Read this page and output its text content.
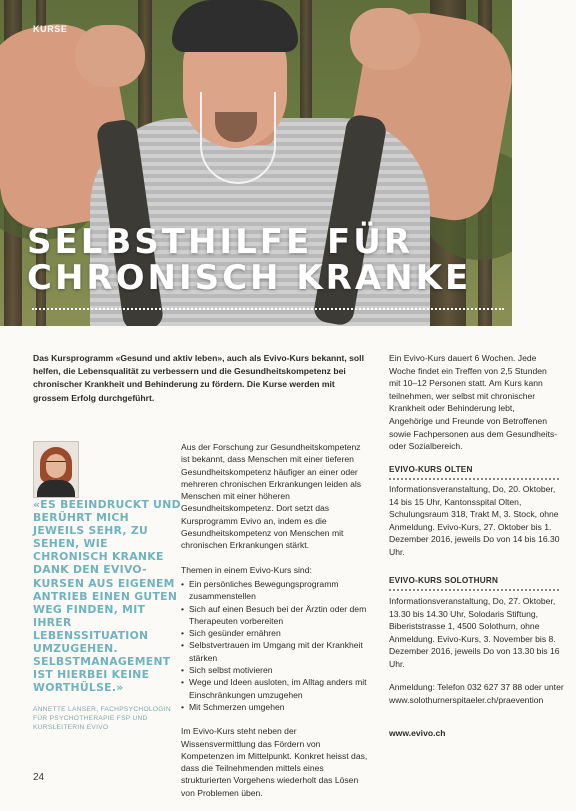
KURSE
SELBSTHILFE FÜR
CHRONISCH KRANKE
Das Kursprogramm «Gesund und aktiv leben», auch als Evivo-Kurs bekannt, soll helfen, die Lebensqualität zu verbessern und die Gesundheitskompetenz bei chronischer Krankheit und Behinderung zu fördern. Die Kurse werden mit grossem Erfolg durchgeführt.
Ein Evivo-Kurs dauert 6 Wochen. Jede Woche findet ein Treffen von 2,5 Stunden mit 10–12 Personen statt. Am Kurs kann teilnehmen, wer selbst mit chronischer Krankheit oder Behinderung lebt, Angehörige und Freunde von Betroffenen sowie Fachpersonen aus dem Gesundheits- oder Sozialbereich.
«ES BEEINDRUCKT UND BERÜHRT MICH JEWEILS SEHR, ZU SEHEN, WIE CHRONISCH KRANKE DANK DEN EVIVO-KURSEN AUS EIGENEM ANTRIEB EINEN GUTEN WEG FINDEN, MIT IHRER LEBENSSITUATION UMZUGEHEN. SELBSTMANAGEMENT IST HIERBEI KEINE WORTHÜLSE.»
ANNETTE LANSER, FACHPSYCHOLOGIN FÜR PSYCHOTHERAPIE FSP UND KURSLEITERIN EVIVO

Aus der Forschung zur Gesundheitskompetenz ist bekannt, dass Menschen mit einer tieferen Gesundheitskompetenz häufiger an einer oder mehreren chronischen Erkrankungen leiden als Menschen mit einer höheren Gesundheitskompetenz. Dort setzt das Kursprogramm Evivo an, indem es die Gesundheitskompetenz von Menschen mit chronischen Erkrankungen stärkt.

Themen in einem Evivo-Kurs sind:

• Ein persönliches Bewegungsprogramm zusammenstellen
• Sich auf einen Besuch bei der Ärztin oder dem Therapeuten vorbereiten
• Sich gesünder ernähren
• Selbstvertrauen im Umgang mit der Krankheit stärken
• Sich selbst motivieren
• Wege und Ideen ausloten, im Alltag anders mit Einschränkungen umzugehen
• Mit Schmerzen umgehen

Im Evivo-Kurs steht neben der Wissensvermittlung das Fördern von Kompetenzen im Mittelpunkt. Konkret heisst das, dass die Teilnehmenden mittels eines strukturierten Vorgehens wiederholt das Lösen von Problemen üben.

EVIVO-KURS OLTEN
Informationsveranstaltung, Do, 20. Oktober, 14 bis 15 Uhr, Kantonsspital Olten, Schulungsraum 318, Trakt M, 3. Stock, ohne Anmeldung. Evivo-Kurs, 27. Oktober bis 1. Dezember 2016, jeweils Do von 14 bis 16.30 Uhr.
EVIVO-KURS SOLOTHURN
Informationsveranstaltung, Do, 27. Oktober, 13.30 bis 14.30 Uhr, Solodaris Stiftung, Biberiststrasse 1, 4500 Solothurn, ohne Anmeldung. Evivo-Kurs, 3. November bis 8. Dezember 2016, jeweils Do von 13.30 bis 16 Uhr.
Anmeldung: Telefon 032 627 37 88 oder unter www.solothurnerspitaeler.ch/praevention
www.evivo.ch
24
